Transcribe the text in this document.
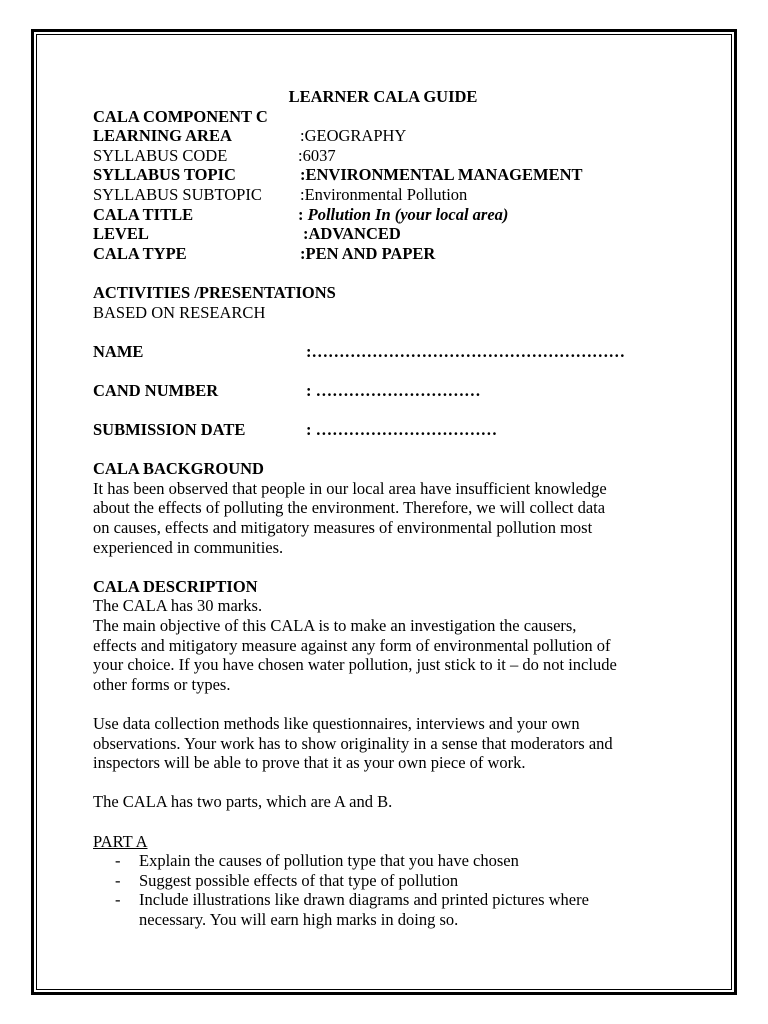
LEARNER CALA GUIDE
CALA COMPONENT C
LEARNING AREA	:GEOGRAPHY
SYLLABUS CODE	:6037
SYLLABUS TOPIC	:ENVIRONMENTAL MANAGEMENT
SYLLABUS SUBTOPIC	:Environmental Pollution
CALA TITLE	: Pollution In (your local area)
LEVEL	:ADVANCED
CALA TYPE	:PEN AND PAPER
ACTIVITIES /PRESENTATIONS
BASED ON RESEARCH
NAME	:…………………………………………………
CAND NUMBER	: …………………………
SUBMISSION DATE	: ……………………………
CALA BACKGROUND

It has been observed that people in our local area have insufficient knowledge

about the effects of polluting the environment. Therefore, we will collect data

on causes, effects and mitigatory measures of environmental pollution most

experienced in communities.

CALA DESCRIPTION

The CALA has 30 marks.

The main objective of this CALA is to make an investigation the causers,

effects and mitigatory measure against any form of environmental pollution of

your choice. If you have chosen water pollution, just stick to it – do not include

other forms or types.

Use data collection methods like questionnaires, interviews and your own

observations. Your work has to show originality in a sense that moderators and

inspectors will be able to prove that it as your own piece of work.

The CALA has two parts, which are A and B.

PART A
- Explain the causes of pollution type that you have chosen
- Suggest possible effects of that type of pollution
- Include illustrations like drawn diagrams and printed pictures where
necessary. You will earn high marks in doing so.
